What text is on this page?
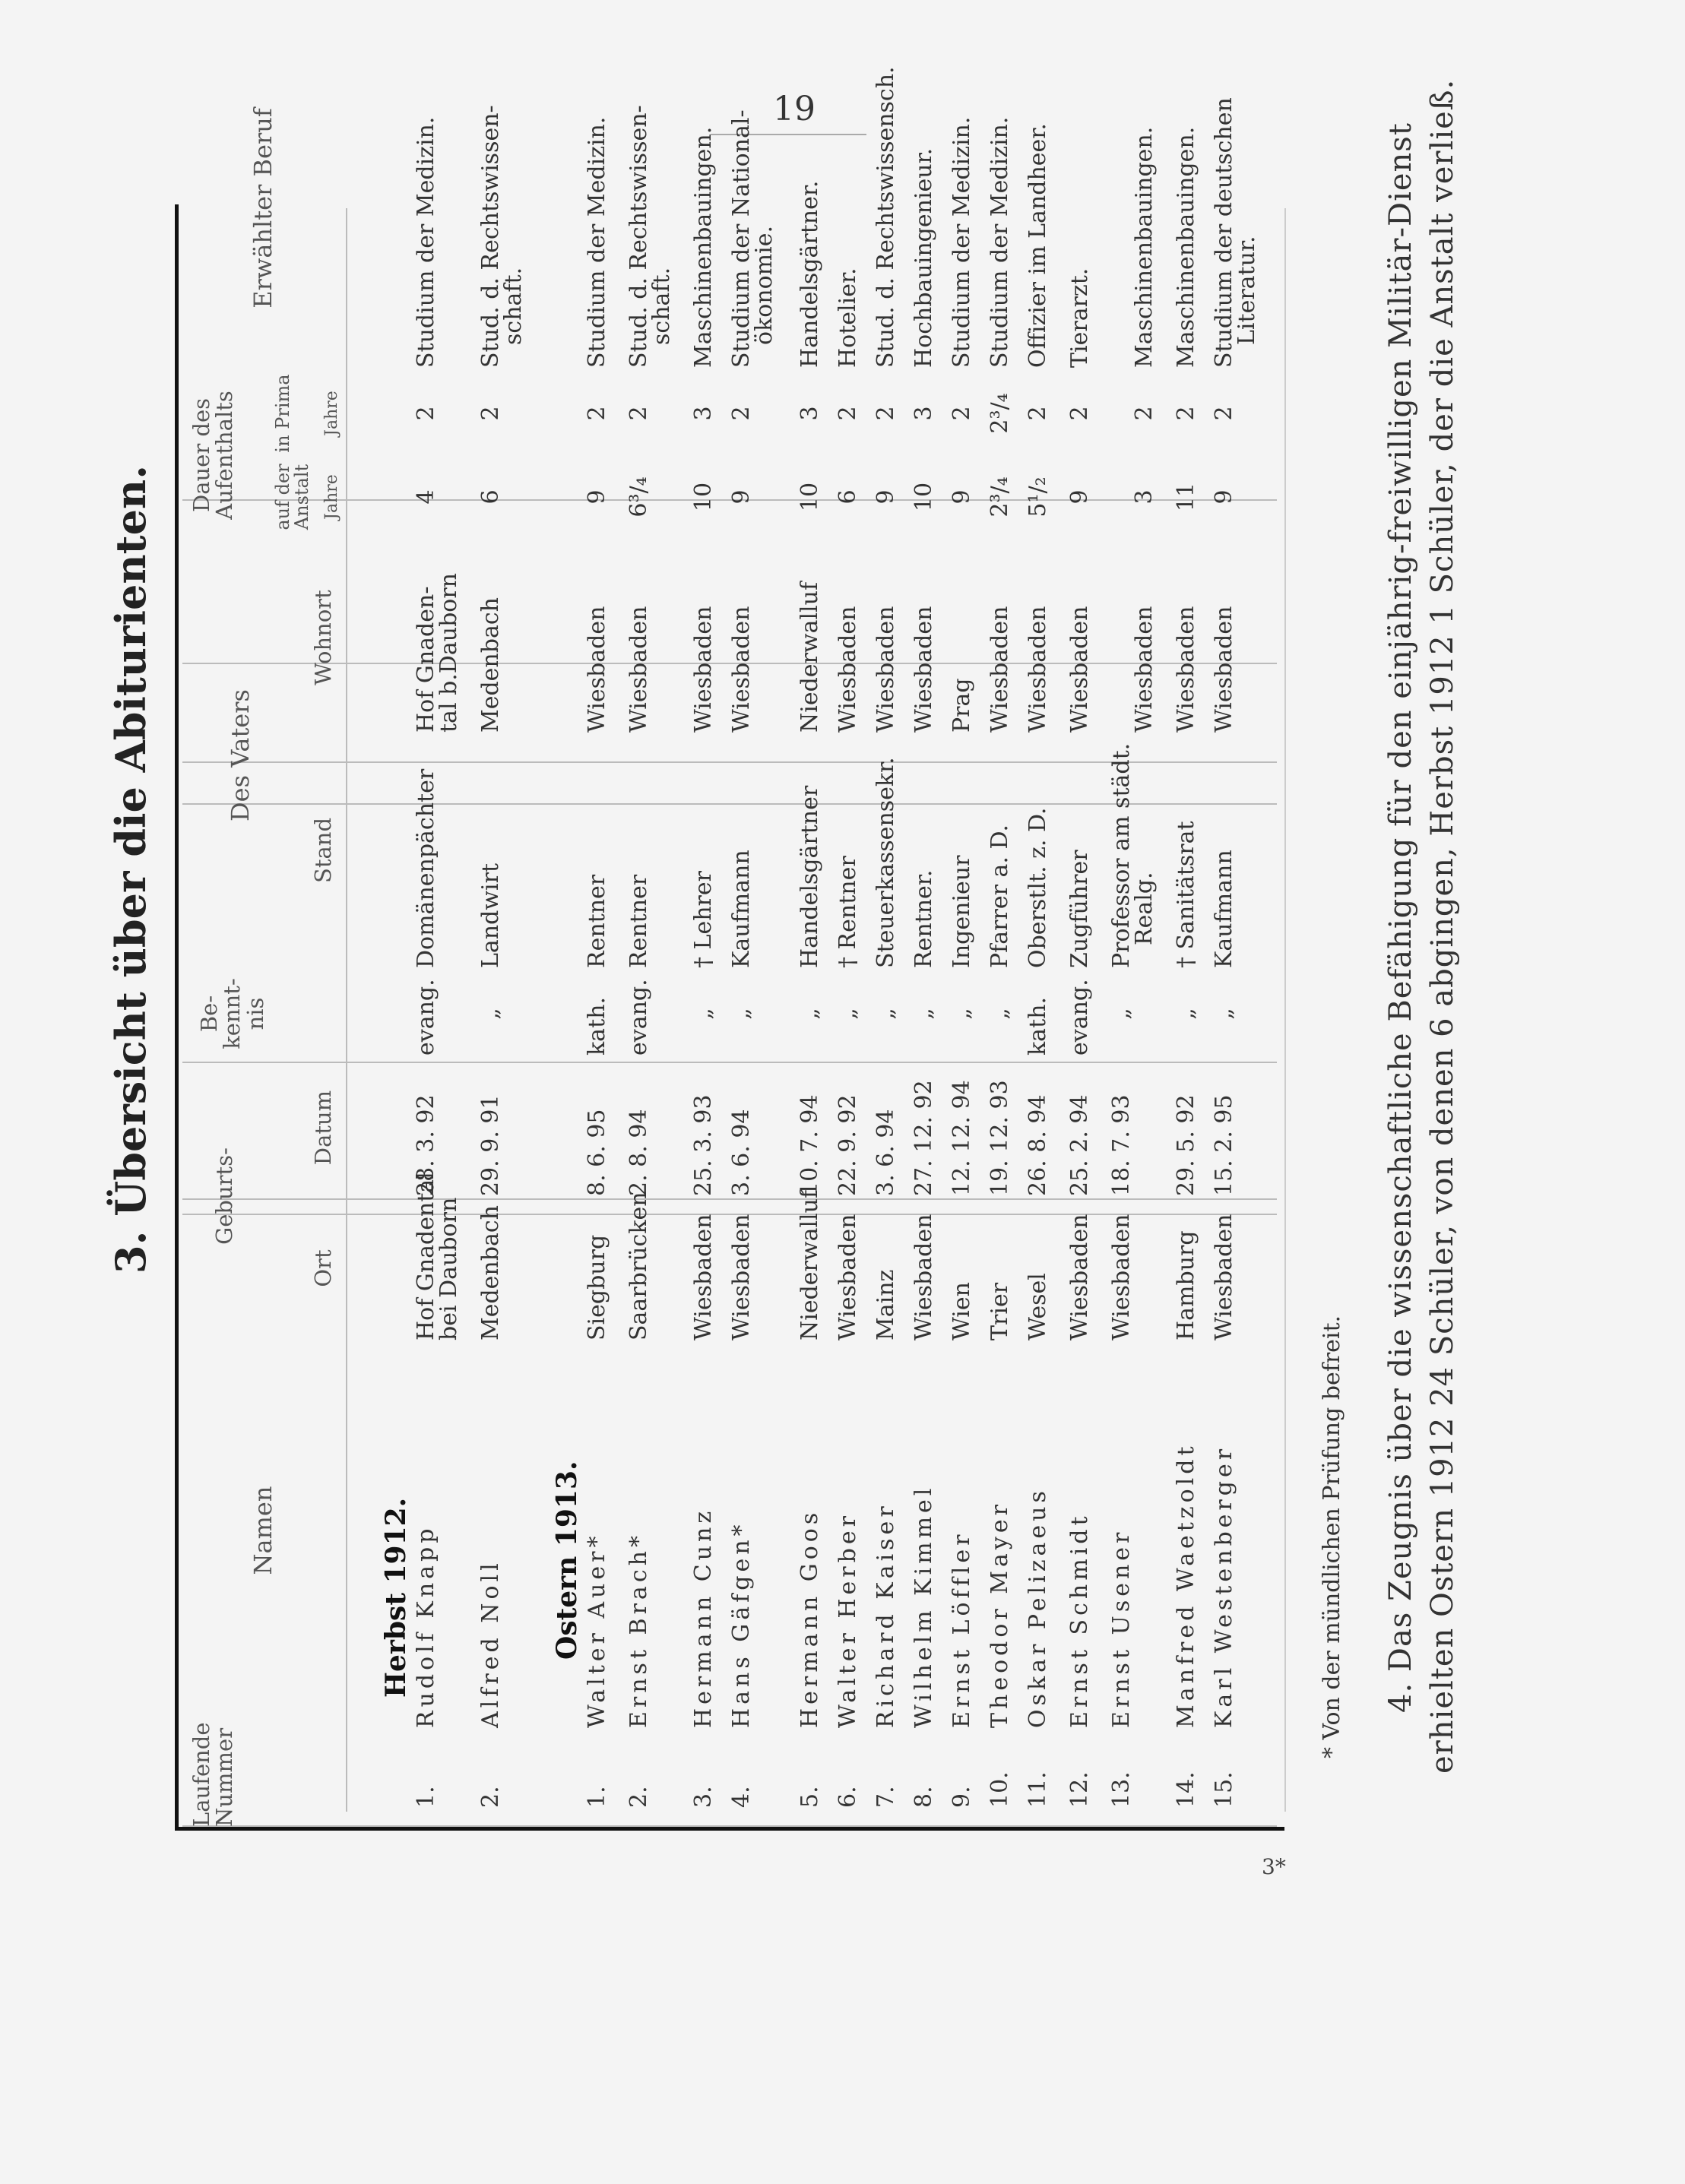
19
3*
3. Übersicht über die Abiturienten.
Laufende Nummer
Namen
Geburts-
Ort
Datum
Be- kennt- nis
Des Vaters
Stand
Wohnort
Dauer des Aufenthalts auf der Anstalt
in Prima
Jahre
Jahre
Erwählter Beruf
Herbst 1912.
1.
Rudolf Knapp
Hof Gnadental
bei Dauborn
28. 3. 92
evang.
Domänenpächter
Hof Gnaden-
tal b.Dauborn
4
2
Studium der Medizin.
2.
Alfred Noll
Medenbach
29. 9. 91
„
Landwirt
Medenbach
6
2
Stud. d. Rechtswissen-
schaft.
Ostern 1913.
1.
Walter Auer*
Siegburg
8. 6. 95
kath.
Rentner
Wiesbaden
9
2
Studium der Medizin.
2.
Ernst Brach*
Saarbrücken
2. 8. 94
evang.
Rentner
Wiesbaden
6³/₄
2
Stud. d. Rechtswissen-
schaft.
3.
Hermann Cunz
Wiesbaden
25. 3. 93
„
† Lehrer
Wiesbaden
10
3
Maschinenbauingen.
4.
Hans Gäfgen*
Wiesbaden
3. 6. 94
„
Kaufmann
Wiesbaden
9
2
Studium der National-
ökonomie.
5.
Hermann Goos
Niederwalluf
10. 7. 94
„
Handelsgärtner
Niederwalluf
10
3
Handelsgärtner.
6.
Walter Herber
Wiesbaden
22. 9. 92
„
† Rentner
Wiesbaden
6
2
Hotelier.
7.
Richard Kaiser
Mainz
3. 6. 94
„
Steuerkassensekr.
Wiesbaden
9
2
Stud. d. Rechtswissensch.
8.
Wilhelm Kimmel
Wiesbaden
27. 12. 92
„
Rentner.
Wiesbaden
10
3
Hochbauingenieur.
9.
Ernst Löffler
Wien
12. 12. 94
„
Ingenieur
Prag
9
2
Studium der Medizin.
10.
Theodor Mayer
Trier
19. 12. 93
„
Pfarrer a. D.
Wiesbaden
2³/₄
2³/₄
Studium der Medizin.
11.
Oskar Pelizaeus
Wesel
26. 8. 94
kath.
Oberstlt. z. D.
Wiesbaden
5¹/₂
2
Offizier im Landheer.
12.
Ernst Schmidt
Wiesbaden
25. 2. 94
evang.
Zugführer
Wiesbaden
9
2
Tierarzt.
13.
Ernst Usener
Wiesbaden
18. 7. 93
„
Professor am städt.
Realg.
Wiesbaden
3
2
Maschinenbauingen.
14.
Manfred Waetzoldt
Hamburg
29. 5. 92
„
† Sanitätsrat
Wiesbaden
11
2
Maschinenbauingen.
15.
Karl Westenberger
Wiesbaden
15. 2. 95
„
Kaufmann
Wiesbaden
9
2
Studium der deutschen
Literatur.
* Von der mündlichen Prüfung befreit. 4. Das Zeugnis über die wissenschaftliche Befähigung für den einjährig-freiwilligen Militär-Dienst erhielten Ostern 1912 24 Schüler, von denen 6 abgingen, Herbst 1912 1 Schüler, der die Anstalt verließ.
